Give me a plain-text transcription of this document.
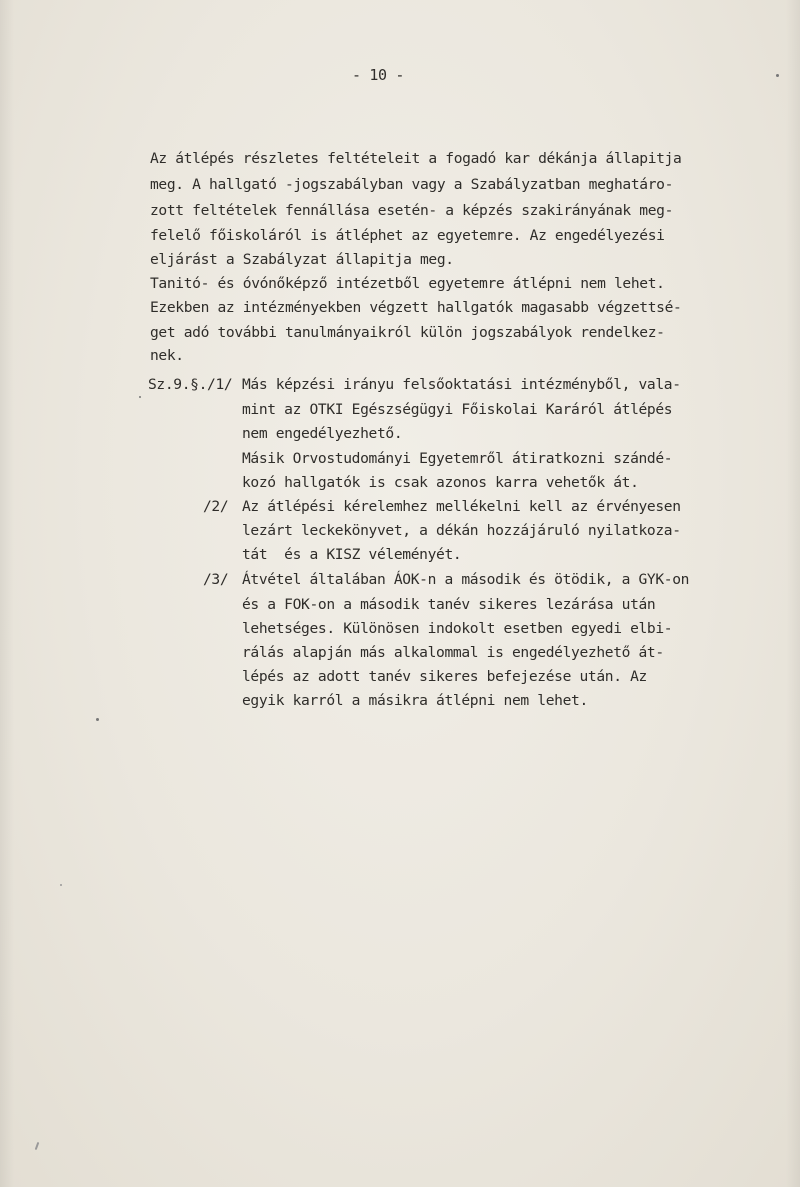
- 10 -
Az átlépés részletes feltételeit a fogadó kar dékánja állapitja
meg. A hallgató -jogszabályban vagy a Szabályzatban meghatáro-
zott feltételek fennállása esetén- a képzés szakirányának meg-
felelő főiskoláról is átléphet az egyetemre. Az engedélyezési
eljárást a Szabályzat állapitja meg.
Tanitó- és óvónőképző intézetből egyetemre átlépni nem lehet.
Ezekben az intézményekben végzett hallgatók magasabb végzettsé-
get adó további tanulmányaikról külön jogszabályok rendelkez-
nek.
Sz.9.§./1/ Más képzési irányu felsőoktatási intézményből, vala-
mint az OTKI Egészségügyi Főiskolai Karáról átlépés
nem engedélyezhető.
Másik Orvostudományi Egyetemről átiratkozni szándé-
kozó hallgatók is csak azonos karra vehetők át.
/2/ Az átlépési kérelemhez mellékelni kell az érvényesen
lezárt leckekönyvet, a dékán hozzájáruló nyilatkoza-
tát  és a KISZ véleményét.
/3/ Átvétel általában ÁOK-n a második és ötödik, a GYK-on
és a FOK-on a második tanév sikeres lezárása után
lehetséges. Különösen indokolt esetben egyedi elbi-
rálás alapján más alkalommal is engedélyezhető át-
lépés az adott tanév sikeres befejezése után. Az
egyik karról a másikra átlépni nem lehet.
